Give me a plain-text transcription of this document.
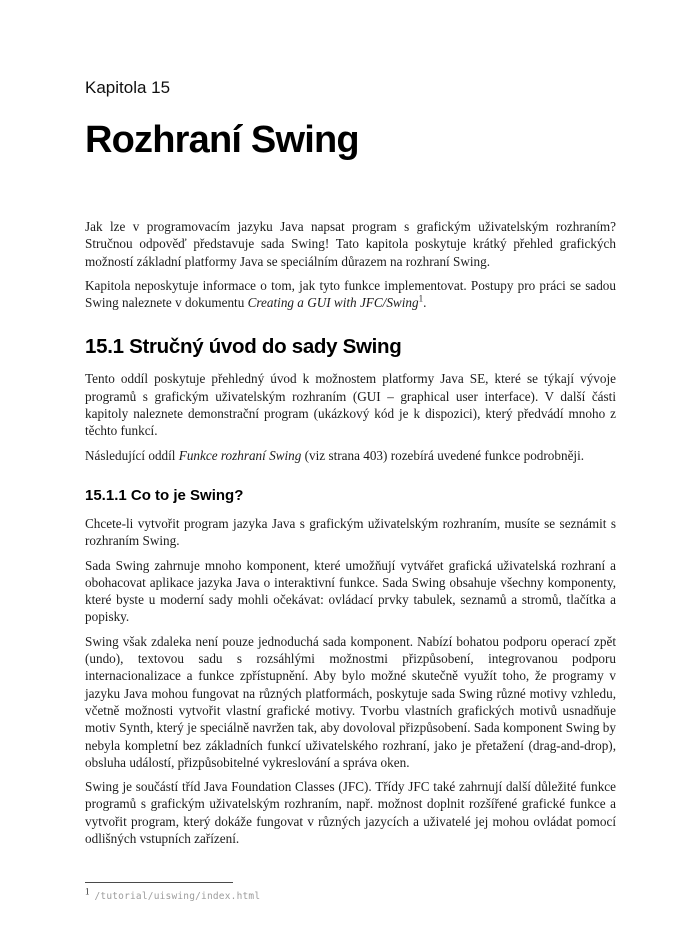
Kapitola 15
Rozhraní Swing

Jak lze v programovacím jazyku Java napsat program s grafickým uživatelským rozhraním? Stručnou odpověď představuje sada Swing! Tato kapitola poskytuje krátký přehled grafických možností základní platformy Java se speciálním důrazem na rozhraní Swing.

Kapitola neposkytuje informace o tom, jak tyto funkce implementovat. Postupy pro práci se sadou Swing naleznete v dokumentu Creating a GUI with JFC/Swing$^1$.

15.1 Stručný úvod do sady Swing

Tento oddíl poskytuje přehledný úvod k možnostem platformy Java SE, které se týkají vývoje programů s grafickým uživatelským rozhraním (GUI – graphical user interface). V další části kapitoly naleznete demonstrační program (ukázkový kód je k dispozici), který předvádí mnoho z těchto funkcí.

Následující oddíl Funkce rozhraní Swing (viz strana 403) rozebírá uvedené funkce podrobněji.

15.1.1 Co to je Swing?

Chcete-li vytvořit program jazyka Java s grafickým uživatelským rozhraním, musíte se seznámit s rozhraním Swing.

Sada Swing zahrnuje mnoho komponent, které umožňují vytvářet grafická uživatelská rozhraní a obohacovat aplikace jazyka Java o interaktivní funkce. Sada Swing obsahuje všechny komponenty, které byste u moderní sady mohli očekávat: ovládací prvky tabulek, seznamů a stromů, tlačítka a popisky.

Swing však zdaleka není pouze jednoduchá sada komponent. Nabízí bohatou podporu operací zpět (undo), textovou sadu s rozsáhlými možnostmi přizpůsobení, integrovanou podporu internacionalizace a funkce zpřístupnění. Aby bylo možné skutečně využít toho, že programy v jazyku Java mohou fungovat na různých platformách, poskytuje sada Swing různé motivy vzhledu, včetně možnosti vytvořit vlastní grafické motivy. Tvorbu vlastních grafických motivů usnadňuje motiv Synth, který je speciálně navržen tak, aby dovoloval přizpůsobení. Sada komponent Swing by nebyla kompletní bez základních funkcí uživatelského rozhraní, jako je přetažení (drag-and-drop), obsluha událostí, přizpůsobitelné vykreslování a správa oken.

Swing je součástí tříd Java Foundation Classes (JFC). Třídy JFC také zahrnují další důležité funkce programů s grafickým uživatelským rozhraním, např. možnost doplnit rozšířené grafické funkce a vytvořit program, který dokáže fungovat v různých jazycích a uživatelé jej mohou ovládat pomocí odlišných vstupních zařízení.

$^1$ /tutorial/uiswing/index.html
